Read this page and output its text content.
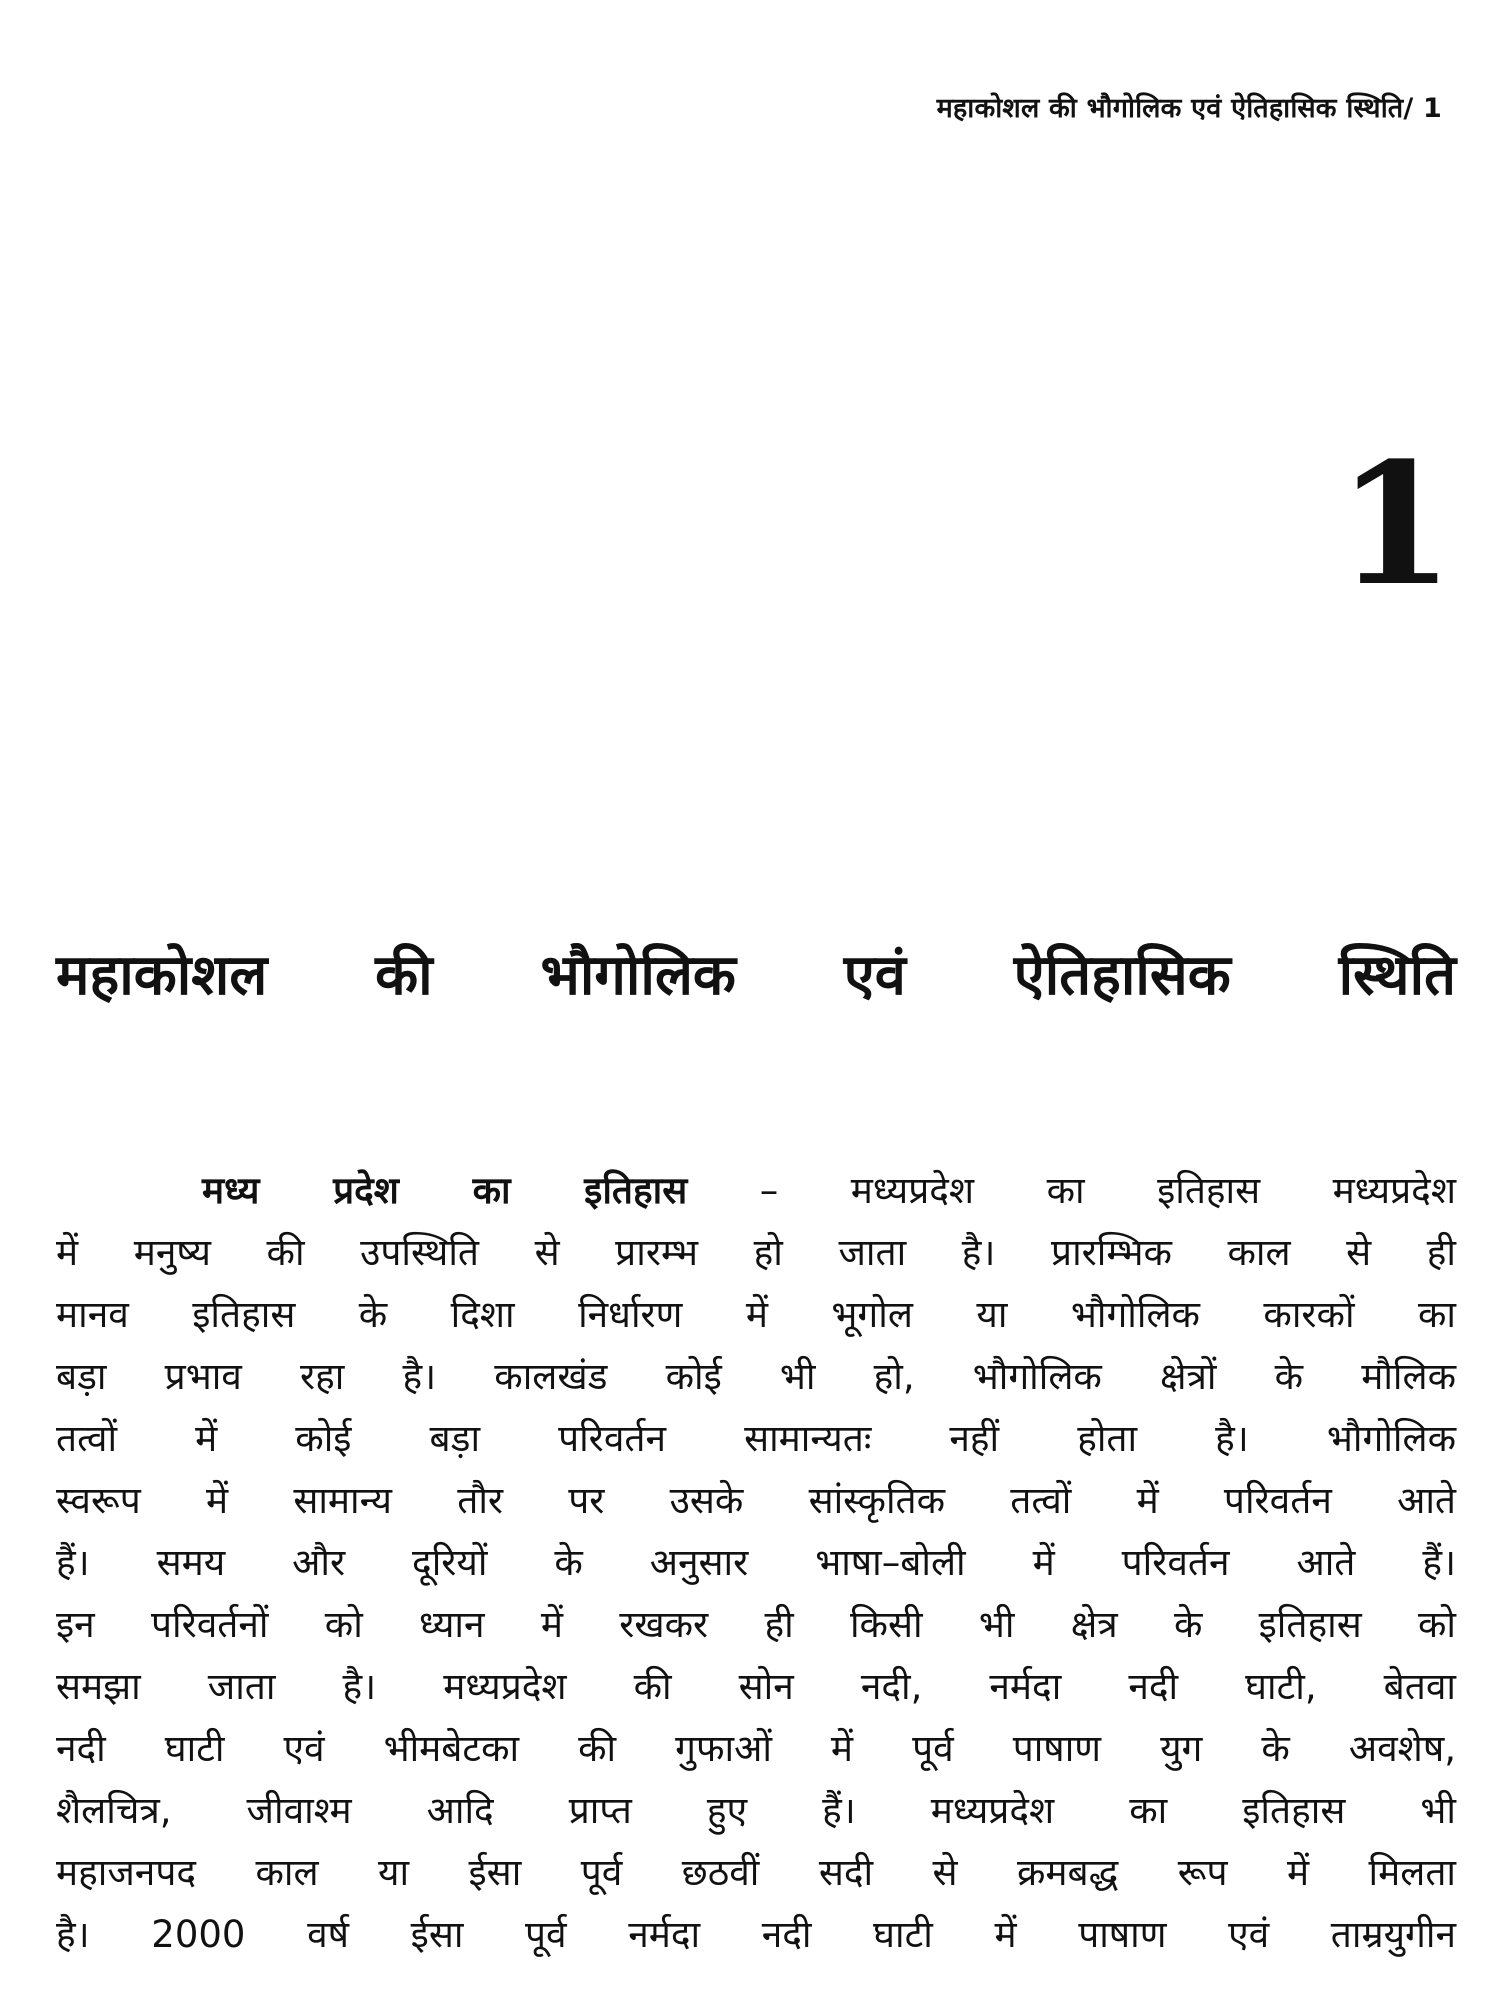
महाकोशल की भौगोलिक एवं ऐतिहासिक स्थिति/ 1
1
महाकोशल की भौगोलिक एवं ऐतिहासिक स्थिति
मध्य प्रदेश का इतिहास – मध्यप्रदेश का इतिहास मध्यप्रदेश
में मनुष्य की उपस्थिति से प्रारम्भ हो जाता है। प्रारम्भिक काल से ही
मानव इतिहास के दिशा निर्धारण में भूगोल या भौगोलिक कारकों का
बड़ा प्रभाव रहा है। कालखंड कोई भी हो, भौगोलिक क्षेत्रों के मौलिक
तत्वों में कोई बड़ा परिवर्तन सामान्यतः नहीं होता है। भौगोलिक
स्वरूप में सामान्य तौर पर उसके सांस्कृतिक तत्वों में परिवर्तन आते
हैं। समय और दूरियों के अनुसार भाषा–बोली में परिवर्तन आते हैं।
इन परिवर्तनों को ध्यान में रखकर ही किसी भी क्षेत्र के इतिहास को
समझा जाता है। मध्यप्रदेश की सोन नदी, नर्मदा नदी घाटी, बेतवा
नदी घाटी एवं भीमबेटका की गुफाओं में पूर्व पाषाण युग के अवशेष,
शैलचित्र, जीवाश्म आदि प्राप्त हुए हैं। मध्यप्रदेश का इतिहास भी
महाजनपद काल या ईसा पूर्व छठवीं सदी से क्रमबद्ध रूप में मिलता
है। 2000 वर्ष ईसा पूर्व नर्मदा नदी घाटी में पाषाण एवं ताम्रयुगीन
